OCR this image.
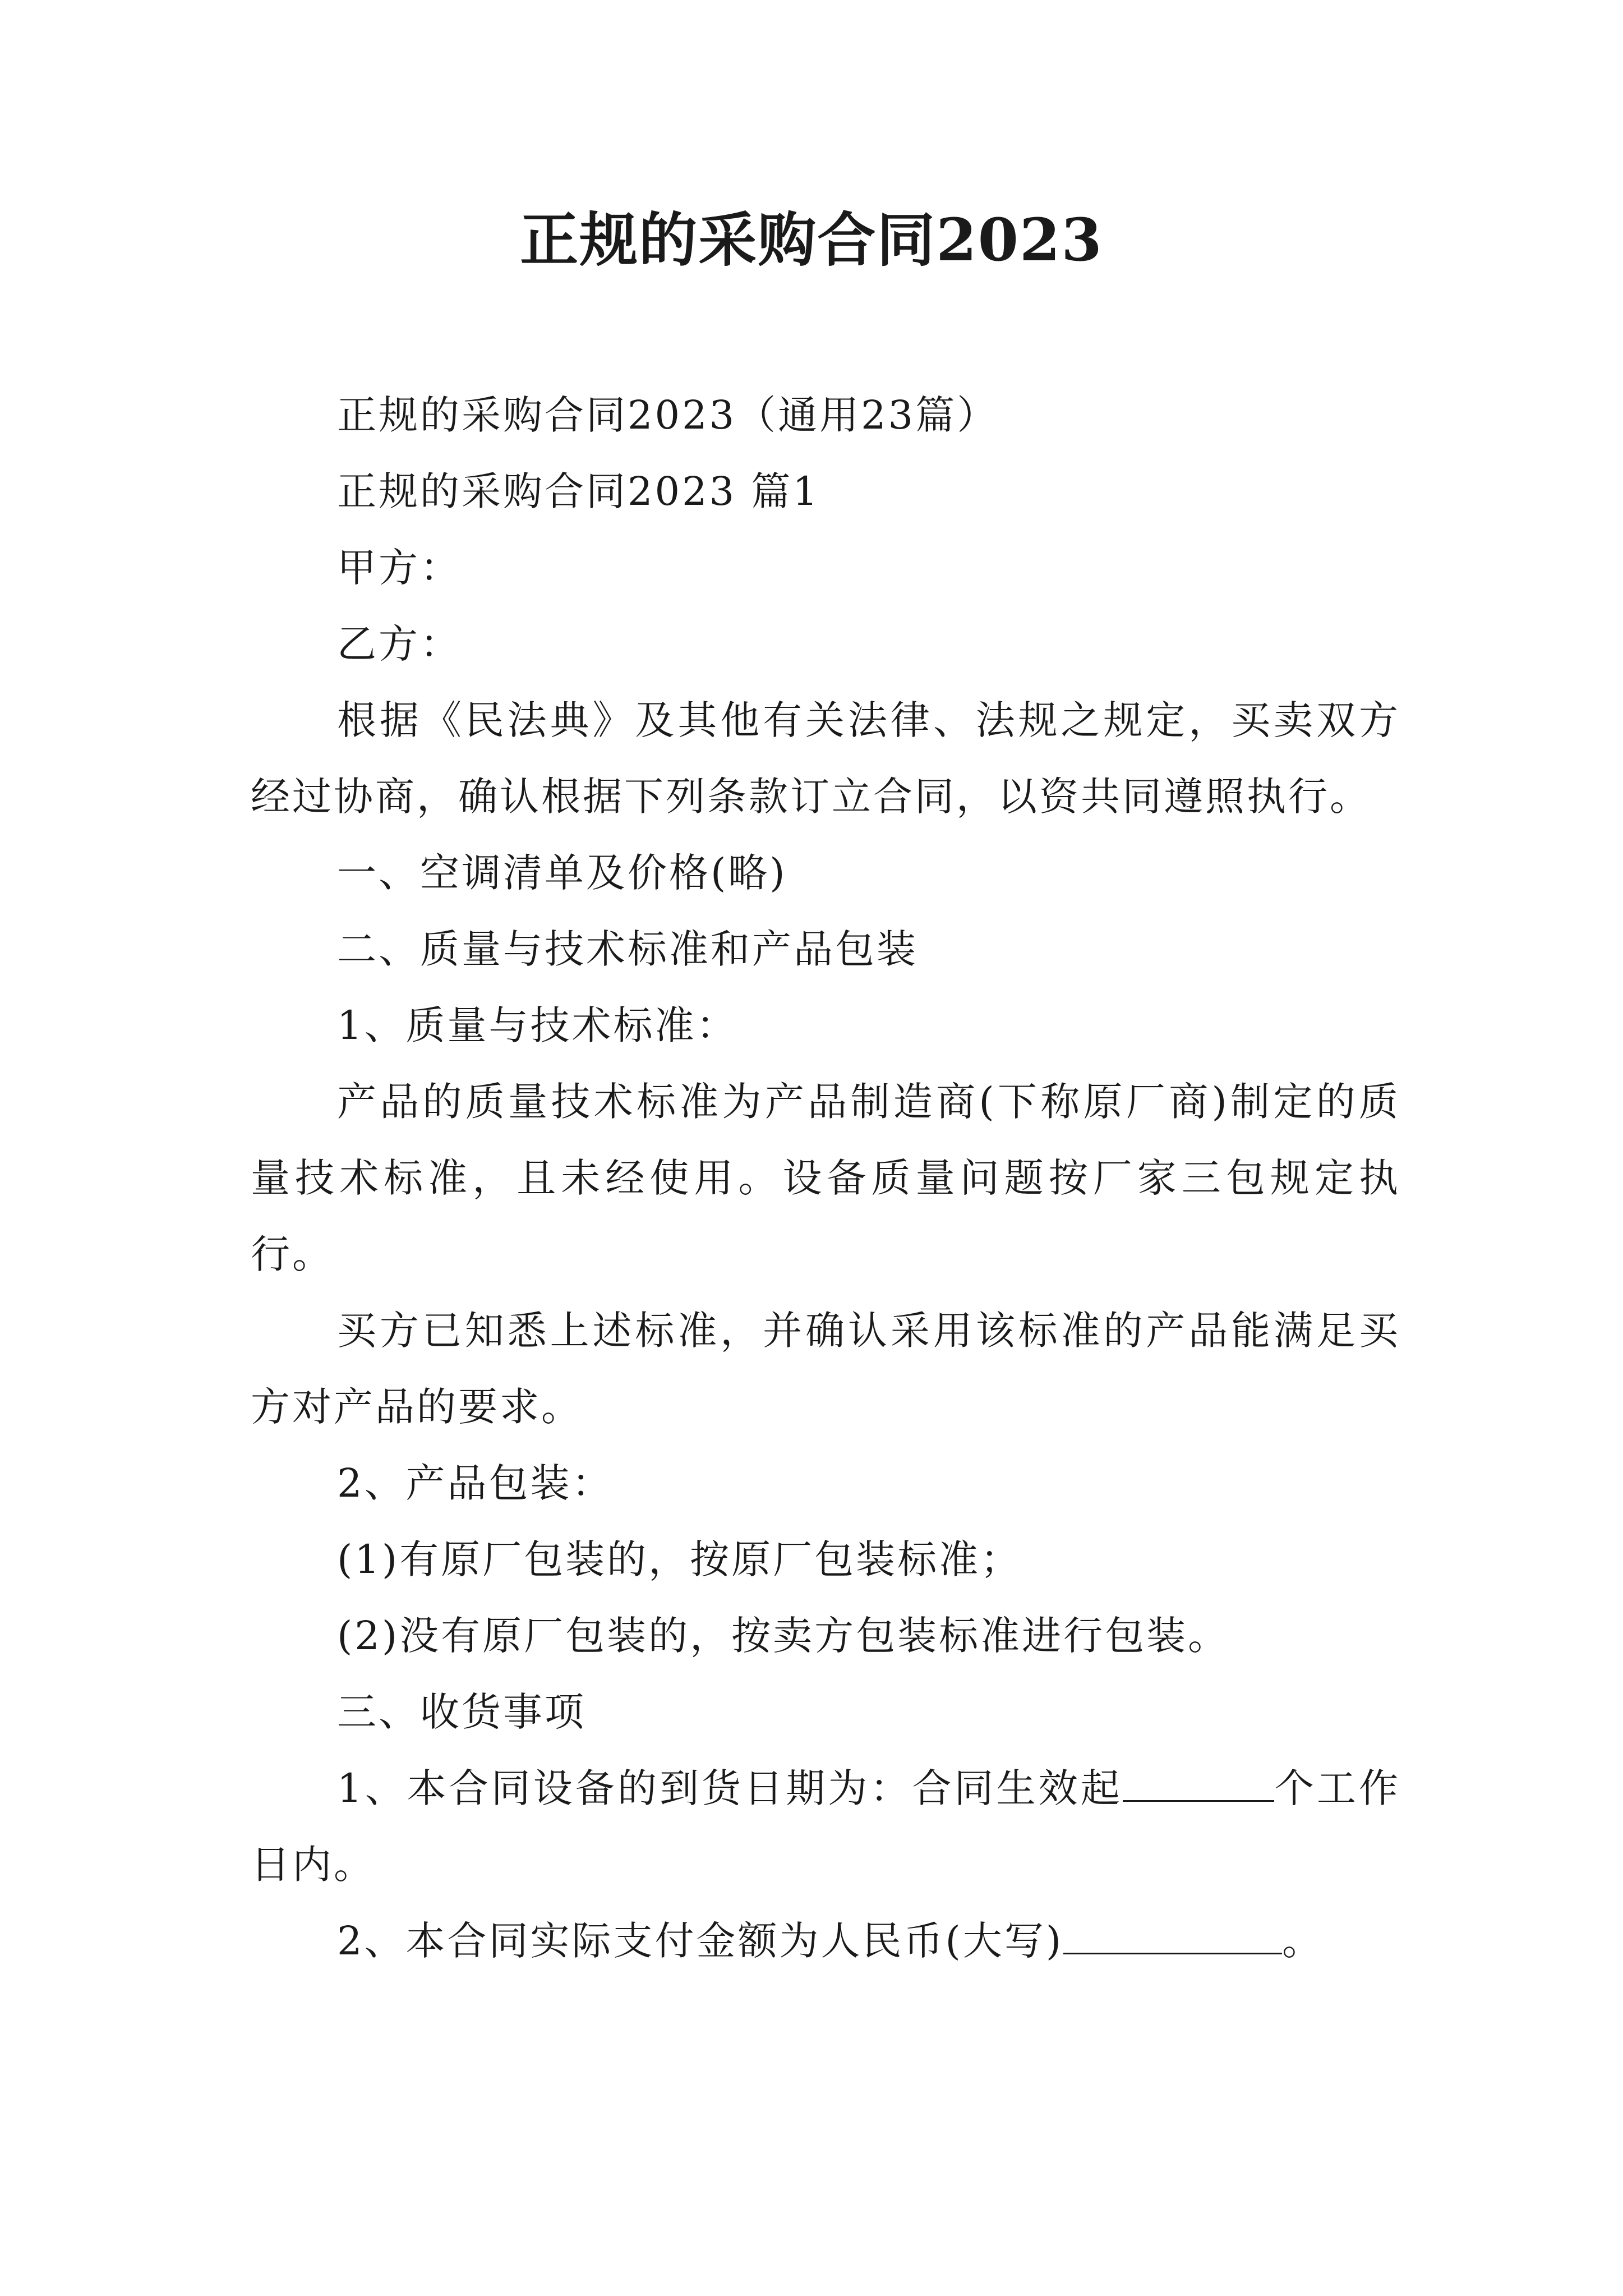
正规的采购合同2023

正规的采购合同2023（通用23篇）

正规的采购合同2023 篇1

甲方：

乙方：

根据《民法典》及其他有关法律、法规之规定，买卖双方经过协商，确认根据下列条款订立合同，以资共同遵照执行。

一、空调清单及价格(略)

二、质量与技术标准和产品包装

1、质量与技术标准：

产品的质量技术标准为产品制造商(下称原厂商)制定的质量技术标准，且未经使用。设备质量问题按厂家三包规定执行。

买方已知悉上述标准，并确认采用该标准的产品能满足买方对产品的要求。

2、产品包装：

(1)有原厂包装的，按原厂包装标准；

(2)没有原厂包装的，按卖方包装标准进行包装。

三、收货事项

1、本合同设备的到货日期为：合同生效起	个工作日内。

2、本合同实际支付金额为人民币(大写)	。
